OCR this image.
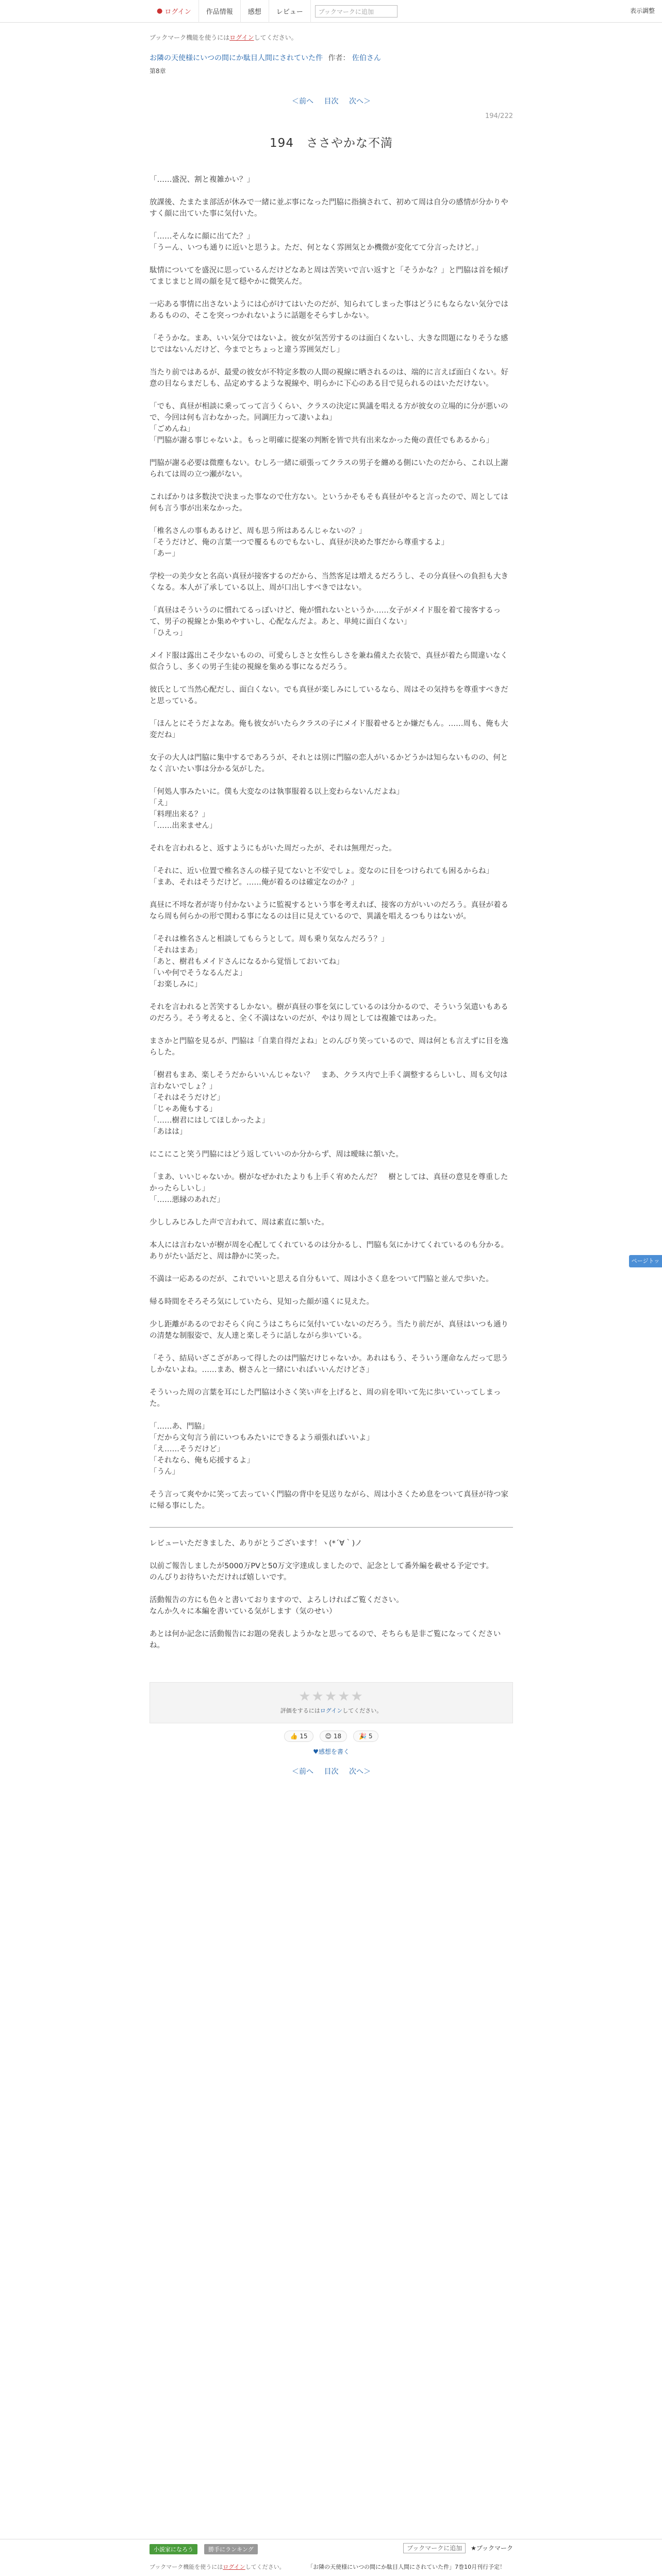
● ログイン	作品情報	感想	レビュー	ブックマークに追加	表示調整
ブックマーク機能を使うにはログインしてください。
お隣の天使様にいつの間にか駄目人間にされていた件 作者： 佐伯さん
第8章
＜前へ 目次 次へ＞
194/222
194　ささやかな不満

「……盛況、割と複雑かい？」

放課後、たまたま部活が休みで一緒に並ぶ事になった門脇に指摘されて、初めて周は自分の感情が分かりやすく顔に出ていた事に気付いた。

「……そんなに顔に出てた？」
「うーん、いつも通りに近いと思うよ。ただ、何となく雰囲気とか機微が変化てて分言ったけど。」

駄情についてを盛況に思っているんだけどなあと周は苦笑いで言い返すと「そうかな？」と門脇は首を傾げてまじまじと周の顔を見て穏やかに微笑んだ。

一応ある事情に出さないようには心がけてはいたのだが、知られてしまった事はどうにもならない気分ではあるものの、そこを突っつかれないように話題をそらすしかない。

「そうかな。まあ、いい気分ではないよ。彼女が気苦労するのは面白くないし、大きな問題になりそうな感じではないんだけど、今までとちょっと違う雰囲気だし」

当たり前ではあるが、最愛の彼女が不特定多数の人間の視線に晒されるのは、端的に言えば面白くない。好意の目ならまだしも、品定めするような視線や、明らかに下心のある目で見られるのはいただけない。

「でも、真昼が相談に乗ってって言うくらい、クラスの決定に異議を唱える方が彼女の立場的に分が悪いので、今回は何も言わなかった。同調圧力って凄いよね」
「ごめんね」
「門脇が謝る事じゃないよ。もっと明確に提案の判断を皆で共有出来なかった俺の責任でもあるから」

門脇が謝る必要は微塵もない。むしろ一緒に頑張ってクラスの男子を纏める側にいたのだから、これ以上謝られては周の立つ瀬がない。

こればかりは多数決で決まった事なので仕方ない。というかそもそも真昼がやると言ったので、周としては何も言う事が出来なかった。

「椎名さんの事もあるけど、周も思う所はあるんじゃないの？」
「そうだけど、俺の言葉一つで覆るものでもないし、真昼が決めた事だから尊重するよ」
「あー」

学校一の美少女と名高い真昼が接客するのだから、当然客足は増えるだろうし、その分真昼への負担も大きくなる。本人が了承している以上、周が口出しすべきではない。

「真昼はそういうのに慣れてるっぽいけど、俺が慣れないというか……女子がメイド服を着て接客するって、男子の視線とか集めやすいし、心配なんだよ。あと、単純に面白くない」
「ひえっ」

メイド服は露出こそ少ないものの、可愛らしさと女性らしさを兼ね備えた衣装で、真昼が着たら間違いなく似合うし、多くの男子生徒の視線を集める事になるだろう。

彼氏として当然心配だし、面白くない。でも真昼が楽しみにしているなら、周はその気持ちを尊重すべきだと思っている。

「ほんとにそうだよなあ。俺も彼女がいたらクラスの子にメイド服着せるとか嫌だもん。……周も、俺も大変だね」

女子の大人は門脇に集中するであろうが、それとは別に門脇の恋人がいるかどうかは知らないものの、何となく言いたい事は分かる気がした。

「何処人事みたいに。僕も大変なのは執事服着る以上変わらないんだよね」
「え」
「料理出来る？」
「……出来ません」

それを言われると、返すようにもがいた周だったが、それは無理だった。

「それに、近い位置で椎名さんの様子見てないと不安でしょ。変なのに目をつけられても困るからね」
「まあ、それはそうだけど。……俺が着るのは確定なのか？」

真昼に不埒な者が寄り付かないように監視するという事を考えれば、接客の方がいいのだろう。真昼が着るなら周も何らかの形で関わる事になるのは目に見えているので、異議を唱えるつもりはないが。

「それは椎名さんと相談してもらうとして。周も乗り気なんだろう？」
「それはまあ」
「あと、樹君もメイドさんになるから覚悟しておいてね」
「いや何でそうなるんだよ」
「お楽しみに」

それを言われると苦笑するしかない。樹が真昼の事を気にしているのは分かるので、そういう気遣いもあるのだろう。そう考えると、全く不満はないのだが、やはり周としては複雑ではあった。

まさかと門脇を見るが、門脇は「自業自得だよね」とのんびり笑っているので、周は何とも言えずに目を逸らした。

「樹君もまあ、楽しそうだからいいんじゃない？　まあ、クラス内で上手く調整するらしいし、周も文句は言わないでしょ？」
「それはそうだけど」
「じゃあ俺もする」
「……樹君にはしてほしかったよ」
「あはは」

にこにこと笑う門脇にはどう返していいのか分からず、周は曖昧に頷いた。

「まあ、いいじゃないか。樹がなぜかれたよりも上手く宥めたんだ？　樹としては、真昼の意見を尊重したかったらしいし」
「……悪縁のあれだ」

少ししみじみした声で言われて、周は素直に頷いた。

本人には言わないが樹が周を心配してくれているのは分かるし、門脇も気にかけてくれているのも分かる。ありがたい話だと、周は静かに笑った。

不満は一応あるのだが、これでいいと思える自分もいて、周は小さく息をついて門脇と並んで歩いた。

帰る時間をそろそろ気にしていたら、見知った顔が遠くに見えた。

少し距離があるのでおそらく向こうはこちらに気付いていないのだろう。当たり前だが、真昼はいつも通りの清楚な制服姿で、友人達と楽しそうに話しながら歩いている。

「そう、結局いざこざがあって得したのは門脇だけじゃないか。あれはもう、そういう運命なんだって思うしかないよね。……まあ、樹さんと一緒にいればいいんだけどさ」

そういった周の言葉を耳にした門脇は小さく笑い声を上げると、周の肩を叩いて先に歩いていってしまった。

「……あ、門脇」
「だから文句言う前にいつもみたいにできるよう頑張ればいいよ」
「え……そうだけど」
「それなら、俺も応援するよ」
「うん」

そう言って爽やかに笑って去っていく門脇の背中を見送りながら、周は小さくため息をついて真昼が待つ家に帰る事にした。

レビューいただきました、ありがとうございます！ヽ(*´∀｀)ノ

以前ご報告しましたが5000万PVと50万文字達成しましたので、記念として番外編を載せる予定です。
のんびりお待ちいただければ嬉しいです。

活動報告の方にも色々と書いておりますので、よろしければご覧ください。
なんか久々に本編を書いている気がします（気のせい）

あとは何か記念に活動報告にお題の発表しようかなと思ってるので、そちらも是非ご覧になってくださいね。

★★★★★
評価をするにはログインしてください。
👍 15	😊 18	🎉 5
♥感想を書く
＜前へ 目次 次へ＞
ページトップへ
小説家になろう	勝手にランキング	ブックマークに追加 ★ブックマーク
ブックマーク機能を使うにはログインしてください。	「お隣の天使様にいつの間にか駄目人間にされていた件」7巻10月刊行予定！
